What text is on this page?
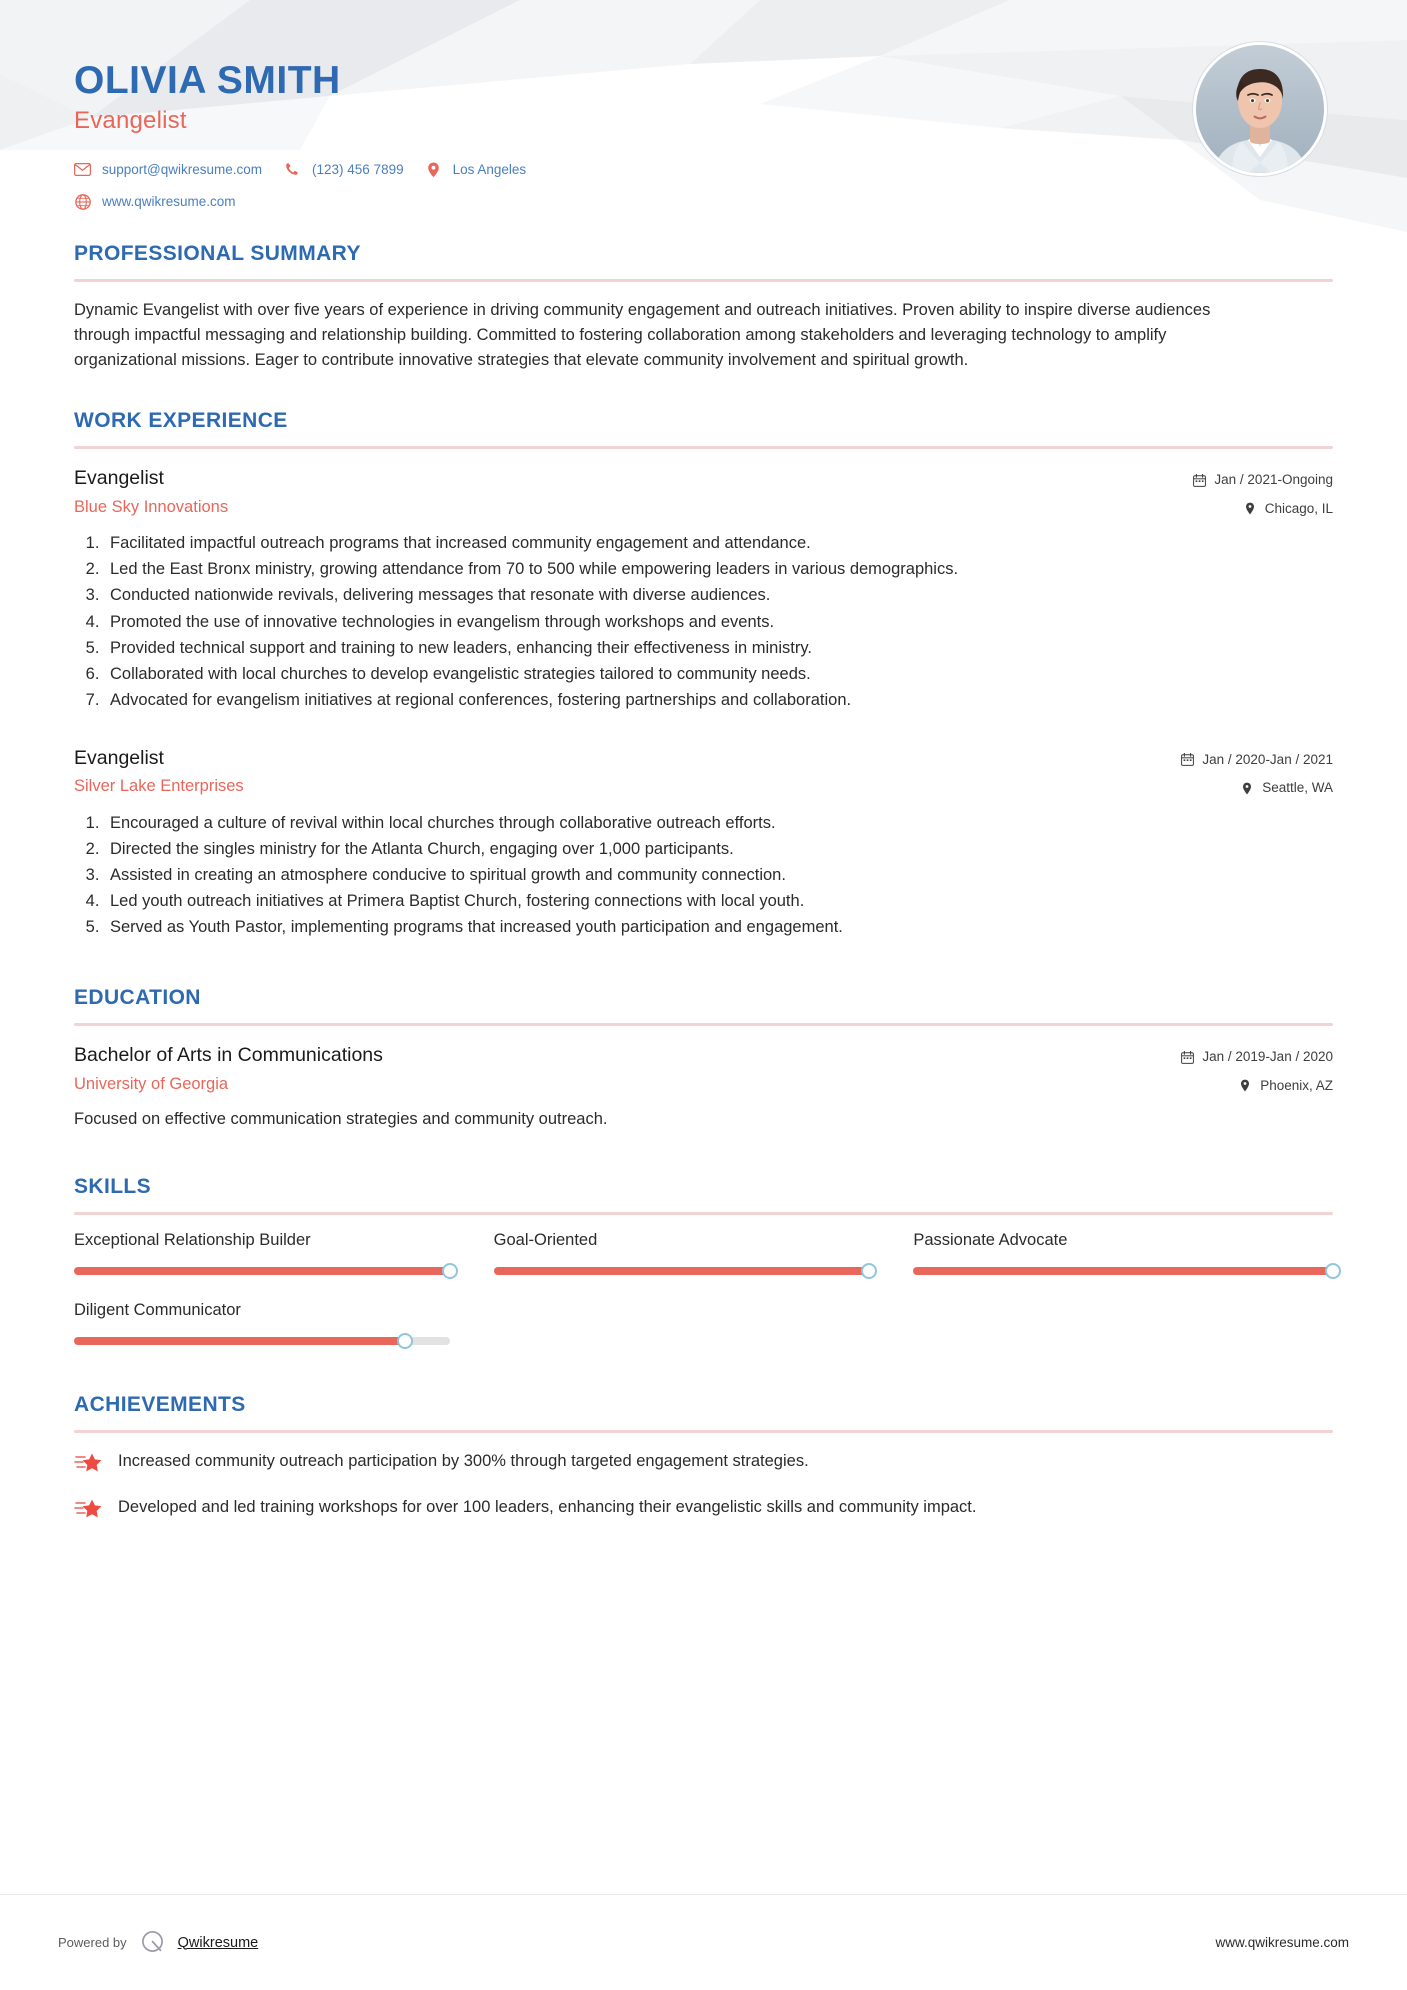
OLIVIA SMITH
Evangelist
support@qwikresume.com	(123) 456 7899	Los Angeles
www.qwikresume.com
PROFESSIONAL SUMMARY
Dynamic Evangelist with over five years of experience in driving community engagement and outreach initiatives. Proven ability to inspire diverse audiences through impactful messaging and relationship building. Committed to fostering collaboration among stakeholders and leveraging technology to amplify organizational missions. Eager to contribute innovative strategies that elevate community involvement and spiritual growth.
WORK EXPERIENCE
Evangelist
Blue Sky Innovations
Jan / 2021-Ongoing
Chicago, IL
1. Facilitated impactful outreach programs that increased community engagement and attendance.
2. Led the East Bronx ministry, growing attendance from 70 to 500 while empowering leaders in various demographics.
3. Conducted nationwide revivals, delivering messages that resonate with diverse audiences.
4. Promoted the use of innovative technologies in evangelism through workshops and events.
5. Provided technical support and training to new leaders, enhancing their effectiveness in ministry.
6. Collaborated with local churches to develop evangelistic strategies tailored to community needs.
7. Advocated for evangelism initiatives at regional conferences, fostering partnerships and collaboration.
Evangelist
Silver Lake Enterprises
Jan / 2020-Jan / 2021
Seattle, WA
1. Encouraged a culture of revival within local churches through collaborative outreach efforts.
2. Directed the singles ministry for the Atlanta Church, engaging over 1,000 participants.
3. Assisted in creating an atmosphere conducive to spiritual growth and community connection.
4. Led youth outreach initiatives at Primera Baptist Church, fostering connections with local youth.
5. Served as Youth Pastor, implementing programs that increased youth participation and engagement.
EDUCATION
Bachelor of Arts in Communications
University of Georgia
Jan / 2019-Jan / 2020
Phoenix, AZ
Focused on effective communication strategies and community outreach.
SKILLS
Exceptional Relationship Builder	Goal-Oriented	Passionate Advocate
Diligent Communicator
ACHIEVEMENTS
Increased community outreach participation by 300% through targeted engagement strategies.
Developed and led training workshops for over 100 leaders, enhancing their evangelistic skills and community impact.
Powered by	Qwikresume	www.qwikresume.com
